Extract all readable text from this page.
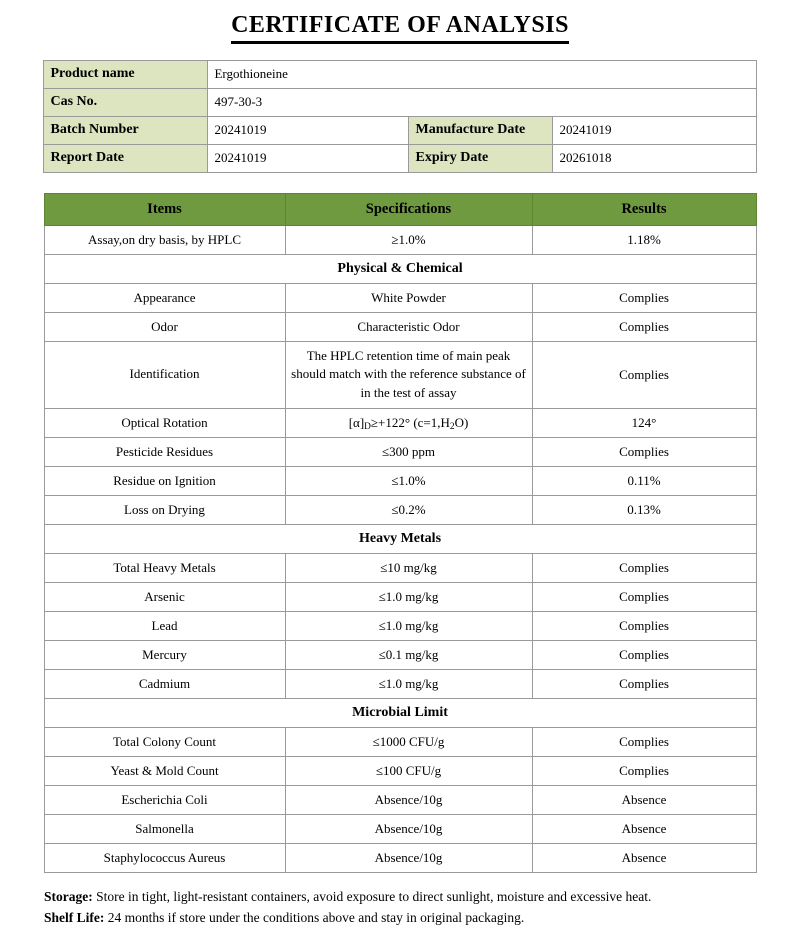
CERTIFICATE OF ANALYSIS
Product name	Ergothioneine		
Cas No.	497-30-3		
Batch Number	20241019	Manufacture Date	20241019
Report Date	20241019	Expiry Date	20261018
Items	Specifications	Results
Assay,on dry basis, by HPLC	≥1.0%	1.18%
Physical & Chemical		
Appearance	White Powder	Complies
Odor	Characteristic Odor	Complies
Identification	The HPLC retention time of main peak should match with the reference substance of in the test of assay	Complies
Optical Rotation	$[\alpha]_D\ge+122^\circ$ $(c=1,H_2O)$	124°
Pesticide Residues	≤300 ppm	Complies
Residue on Ignition	≤1.0%	0.11%
Loss on Drying	≤0.2%	0.13%
Heavy Metals		
Total Heavy Metals	≤10 mg/kg	Complies
Arsenic	≤1.0 mg/kg	Complies
Lead	≤1.0 mg/kg	Complies
Mercury	≤0.1 mg/kg	Complies
Cadmium	≤1.0 mg/kg	Complies
Microbial Limit		
Total Colony Count	≤1000 CFU/g	Complies
Yeast & Mold Count	≤100 CFU/g	Complies
Escherichia Coli	Absence/10g	Absence
Salmonella	Absence/10g	Absence
Staphylococcus Aureus	Absence/10g	Absence

Storage: Store in tight, light-resistant containers, avoid exposure to direct sunlight, moisture and excessive heat.

Shelf Life: 24 months if store under the conditions above and stay in original packaging.
